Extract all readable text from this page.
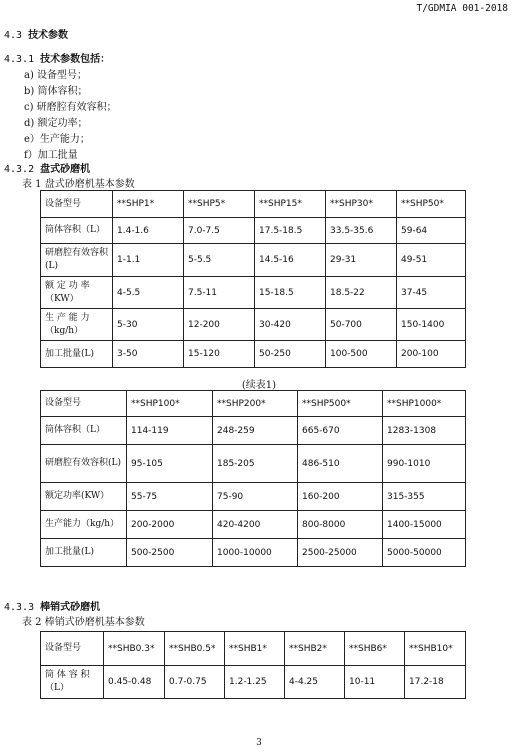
T/GDMIA 001-2018
4.3 技术参数
4.3.1 技术参数包括：
a) 设备型号；
b) 筒体容积；
c) 研磨腔有效容积；
d) 额定功率；
e）生产能力；
f）加工批量
4.3.2 盘式砂磨机
表 1 盘式砂磨机基本参数
设备型号	**SHP1*	**SHP5*	**SHP15*	**SHP30*	**SHP50*
筒体容积（L）	1.4-1.6	7.0-7.5	17.5-18.5	33.5-35.6	59-64
研磨腔有效容积(L)	1-1.1	5-5.5	14.5-16	29-31	49-51
额 定 功 率（KW）	4-5.5	7.5-11	15-18.5	18.5-22	37-45
生 产 能 力（kg/h）	5-30	12-200	30-420	50-700	150-1400
加工批量(L)	3-50	15-120	50-250	100-500	200-100
(续表1)
设备型号	**SHP100*	**SHP200*	**SHP500*	**SHP1000*
筒体容积（L）	114-119	248-259	665-670	1283-1308
研磨腔有效容积(L)	95-105	185-205	486-510	990-1010
额定功率(KW）	55-75	75-90	160-200	315-355
生产能力（kg/h）	200-2000	420-4200	800-8000	1400-15000
加工批量(L)	500-2500	1000-10000	2500-25000	5000-50000
4.3.3 棒销式砂磨机
表 2 棒销式砂磨机基本参数
设备型号	**SHB0.3*	**SHB0.5*	**SHB1*	**SHB2*	**SHB6*	**SHB10*
筒 体 容 积（L）	0.45-0.48	0.7-0.75	1.2-1.25	4-4.25	10-11	17.2-18
3
